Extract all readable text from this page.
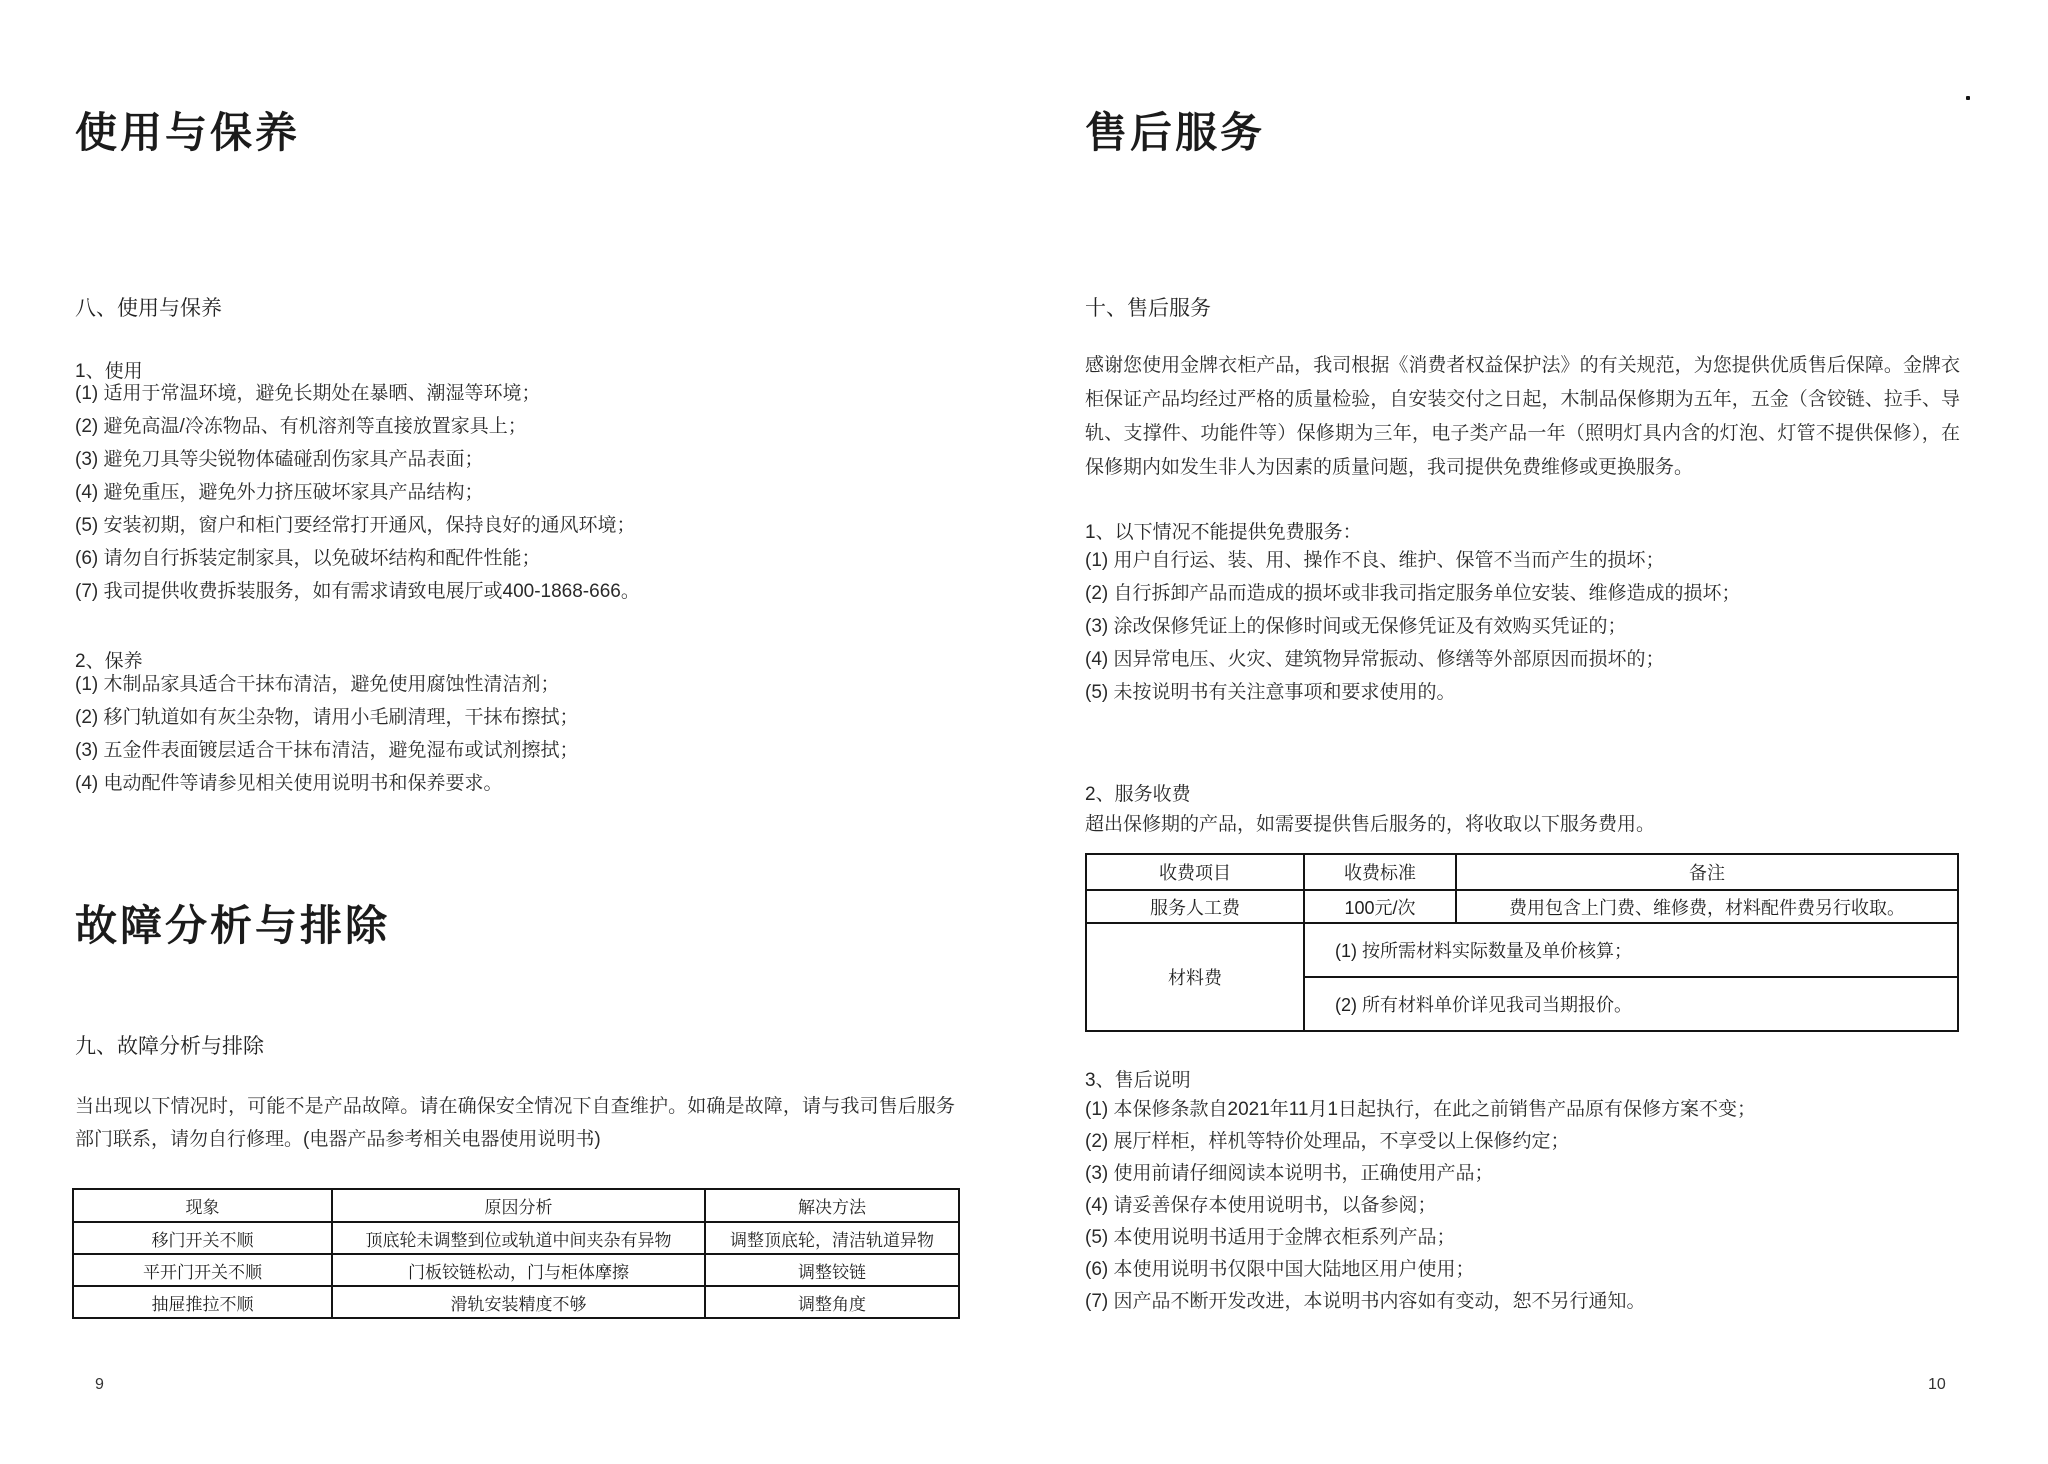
使用与保养
八、使用与保养
1、使用
(1) 适用于常温环境，避免长期处在暴晒、潮湿等环境；
(2) 避免高温/冷冻物品、有机溶剂等直接放置家具上；
(3) 避免刀具等尖锐物体磕碰刮伤家具产品表面；
(4) 避免重压，避免外力挤压破坏家具产品结构；
(5) 安装初期，窗户和柜门要经常打开通风，保持良好的通风环境；
(6) 请勿自行拆装定制家具，以免破坏结构和配件性能；
(7) 我司提供收费拆装服务，如有需求请致电展厅或400-1868-666。
2、保养
(1) 木制品家具适合干抹布清洁，避免使用腐蚀性清洁剂；
(2) 移门轨道如有灰尘杂物，请用小毛刷清理，干抹布擦拭；
(3) 五金件表面镀层适合干抹布清洁，避免湿布或试剂擦拭；
(4) 电动配件等请参见相关使用说明书和保养要求。
故障分析与排除
九、故障分析与排除

当出现以下情况时，可能不是产品故障。请在确保安全情况下自查维护。如确是故障，请与我司售后服务部门联系，请勿自行修理。(电器产品参考相关电器使用说明书)

现象	原因分析	解决方法
移门开关不顺	顶底轮未调整到位或轨道中间夹杂有异物	调整顶底轮，清洁轨道异物
平开门开关不顺	门板铰链松动，门与柜体摩擦	调整铰链
抽屉推拉不顺	滑轨安装精度不够	调整角度
9
售后服务
十、售后服务

感谢您使用金牌衣柜产品，我司根据《消费者权益保护法》的有关规范，为您提供优质售后保障。金牌衣柜保证产品均经过严格的质量检验，自安装交付之日起，木制品保修期为五年，五金（含铰链、拉手、导轨、支撑件、功能件等）保修期为三年，电子类产品一年（照明灯具内含的灯泡、灯管不提供保修），在保修期内如发生非人为因素的质量问题，我司提供免费维修或更换服务。

1、以下情况不能提供免费服务：
(1) 用户自行运、装、用、操作不良、维护、保管不当而产生的损坏；
(2) 自行拆卸产品而造成的损坏或非我司指定服务单位安装、维修造成的损坏；
(3) 涂改保修凭证上的保修时间或无保修凭证及有效购买凭证的；
(4) 因异常电压、火灾、建筑物异常振动、修缮等外部原因而损坏的；
(5) 未按说明书有关注意事项和要求使用的。
2、服务收费
超出保修期的产品，如需要提供售后服务的，将收取以下服务费用。
收费项目	收费标准	备注
服务人工费	100元/次	费用包含上门费、维修费，材料配件费另行收取。
材料费	(1) 按所需材料实际数量及单价核算；	
	(2) 所有材料单价详见我司当期报价。	
3、售后说明
(1) 本保修条款自2021年11月1日起执行，在此之前销售产品原有保修方案不变；
(2) 展厅样柜，样机等特价处理品，不享受以上保修约定；
(3) 使用前请仔细阅读本说明书，正确使用产品；
(4) 请妥善保存本使用说明书，以备参阅；
(5) 本使用说明书适用于金牌衣柜系列产品；
(6) 本使用说明书仅限中国大陆地区用户使用；
(7) 因产品不断开发改进，本说明书内容如有变动，恕不另行通知。
10
